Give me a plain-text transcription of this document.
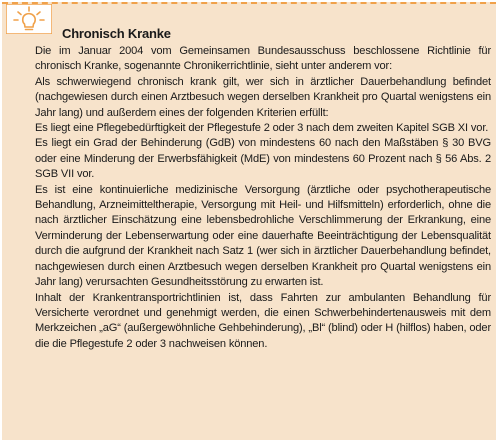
Chronisch Kranke

Die im Januar 2004 vom Gemeinsamen Bundesausschuss beschlossene Richtlinie für chronisch Kranke, sogenannte Chronikerrichtlinie, sieht unter anderem vor:

Als schwerwiegend chronisch krank gilt, wer sich in ärztlicher Dauerbehandlung befindet (nachgewiesen durch einen Arztbesuch wegen derselben Krankheit pro Quartal wenigstens ein Jahr lang) und außerdem eines der folgenden Kriterien erfüllt:

Es liegt eine Pflegebedürftigkeit der Pflegestufe 2 oder 3 nach dem zweiten Kapitel SGB XI vor.

Es liegt ein Grad der Behinderung (GdB) von mindestens 60 nach den Maßstäben § 30 BVG oder eine Minderung der Erwerbsfähigkeit (MdE) von mindestens 60 Prozent nach § 56 Abs. 2 SGB VII vor.

Es ist eine kontinuierliche medizinische Versorgung (ärztliche oder psychotherapeutische Behandlung, Arzneimitteltherapie, Versorgung mit Heil- und Hilfsmitteln) erforderlich, ohne die nach ärztlicher Einschätzung eine lebensbedrohliche Verschlimmerung der Erkrankung, eine Verminderung der Lebenserwartung oder eine dauerhafte Beeinträchtigung der Lebensqualität durch die aufgrund der Krankheit nach Satz 1 (wer sich in ärztlicher Dauerbehandlung befindet, nachgewiesen durch einen Arztbesuch wegen derselben Krankheit pro Quartal wenigstens ein Jahr lang) verursachten Gesundheitsstörung zu erwarten ist.

Inhalt der Krankentransportrichtlinien ist, dass Fahrten zur ambulanten Behandlung für Versicherte verordnet und genehmigt werden, die einen Schwerbehindertenausweis mit dem Merkzeichen „aG“ (außergewöhnliche Gehbehinderung), „Bl“ (blind) oder H (hilflos) haben, oder die die Pflegestufe 2 oder 3 nachweisen können.
